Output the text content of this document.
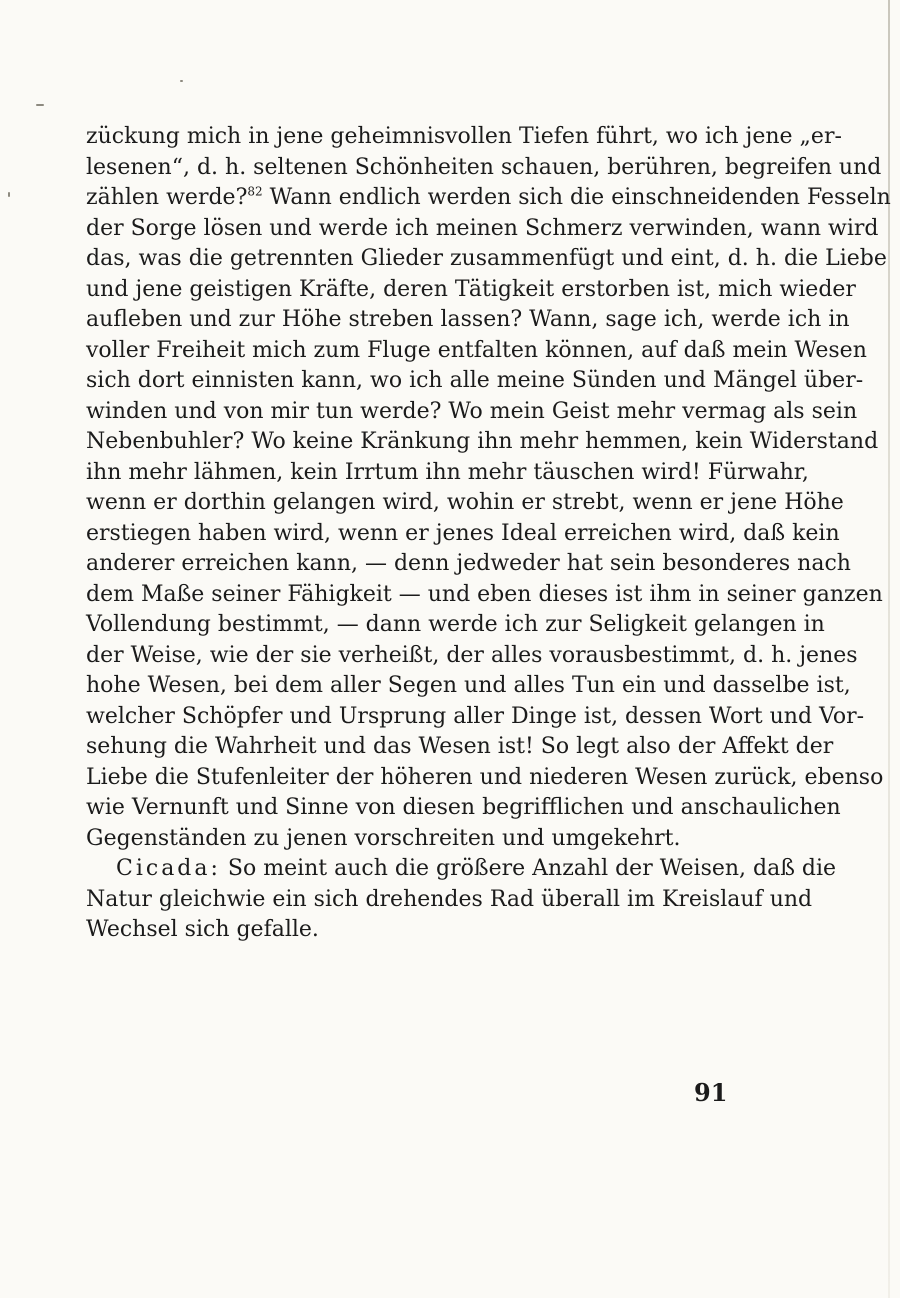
zückung mich in jene geheimnisvollen Tiefen führt, wo ich jene „er-

lesenen“, d. h. seltenen Schönheiten schauen, berühren, begreifen und

zählen werde?$^{82}$ Wann endlich werden sich die einschneidenden Fesseln

der Sorge lösen und werde ich meinen Schmerz verwinden, wann wird

das, was die getrennten Glieder zusammenfügt und eint, d. h. die Liebe

und jene geistigen Kräfte, deren Tätigkeit erstorben ist, mich wieder

aufleben und zur Höhe streben lassen? Wann, sage ich, werde ich in

voller Freiheit mich zum Fluge entfalten können, auf daß mein Wesen

sich dort einnisten kann, wo ich alle meine Sünden und Mängel über-

winden und von mir tun werde? Wo mein Geist mehr vermag als sein

Nebenbuhler? Wo keine Kränkung ihn mehr hemmen, kein Widerstand

ihn mehr lähmen, kein Irrtum ihn mehr täuschen wird! Fürwahr,

wenn er dorthin gelangen wird, wohin er strebt, wenn er jene Höhe

erstiegen haben wird, wenn er jenes Ideal erreichen wird, daß kein

anderer erreichen kann, — denn jedweder hat sein besonderes nach

dem Maße seiner Fähigkeit — und eben dieses ist ihm in seiner ganzen

Vollendung bestimmt, — dann werde ich zur Seligkeit gelangen in

der Weise, wie der sie verheißt, der alles vorausbestimmt, d. h. jenes

hohe Wesen, bei dem aller Segen und alles Tun ein und dasselbe ist,

welcher Schöpfer und Ursprung aller Dinge ist, dessen Wort und Vor-

sehung die Wahrheit und das Wesen ist! So legt also der Affekt der

Liebe die Stufenleiter der höheren und niederen Wesen zurück, ebenso

wie Vernunft und Sinne von diesen begrifflichen und anschaulichen

Gegenständen zu jenen vorschreiten und umgekehrt.

Cicada: So meint auch die größere Anzahl der Weisen, daß die

Natur gleichwie ein sich drehendes Rad überall im Kreislauf und

Wechsel sich gefalle.

91
